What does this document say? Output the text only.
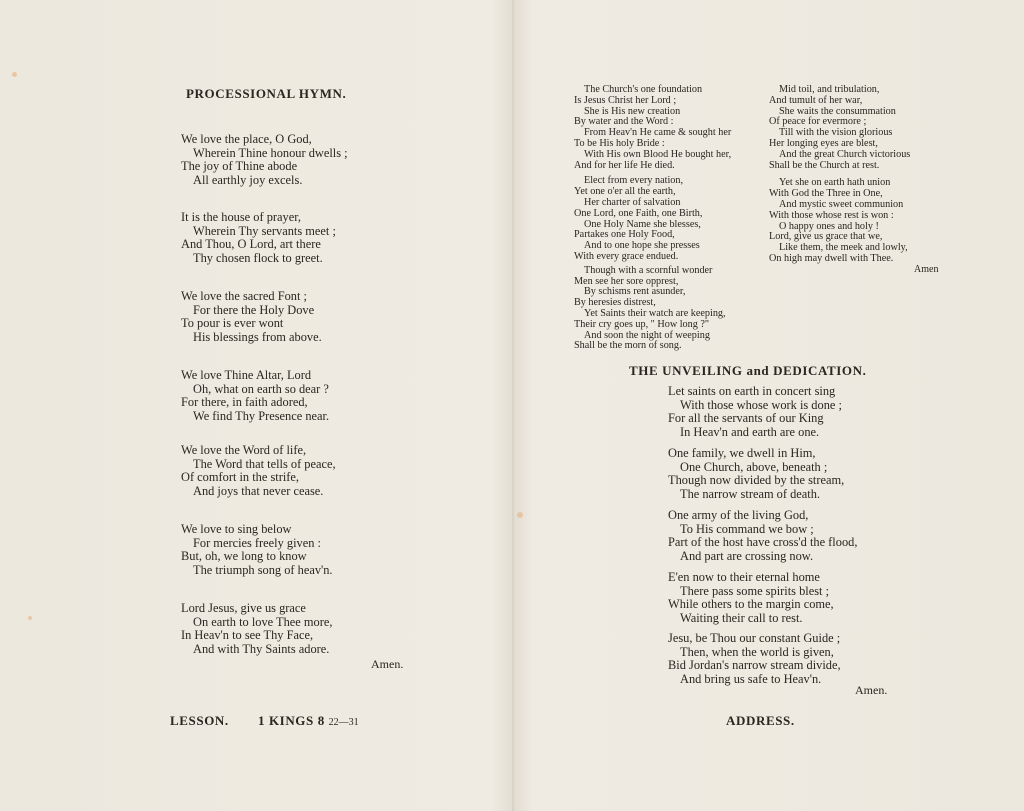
PROCESSIONAL HYMN.
We love the place, O God,
Wherein Thine honour dwells ;
The joy of Thine abode
All earthly joy excels.
It is the house of prayer,
Wherein Thy servants meet ;
And Thou, O Lord, art there
Thy chosen flock to greet.
We love the sacred Font ;
For there the Holy Dove
To pour is ever wont
His blessings from above.
We love Thine Altar, Lord
Oh, what on earth so dear ?
For there, in faith adored,
We find Thy Presence near.
We love the Word of life,
The Word that tells of peace,
Of comfort in the strife,
And joys that never cease.
We love to sing below
For mercies freely given :
But, oh, we long to know
The triumph song of heav'n.
Lord Jesus, give us grace
On earth to love Thee more,
In Heav'n to see Thy Face,
And with Thy Saints adore.
Amen.
LESSON. 1 KINGS 8 22—31
The Church's one foundation
Is Jesus Christ her Lord ;
She is His new creation
By water and the Word :
From Heav'n He came & sought her
To be His holy Bride :
With His own Blood He bought her,
And for her life He died.
Elect from every nation,
Yet one o'er all the earth,
Her charter of salvation
One Lord, one Faith, one Birth,
One Holy Name she blesses,
Partakes one Holy Food,
And to one hope she presses
With every grace endued.
Though with a scornful wonder
Men see her sore opprest,
By schisms rent asunder,
By heresies distrest,
Yet Saints their watch are keeping,
Their cry goes up, " How long ?"
And soon the night of weeping
Shall be the morn of song.
Mid toil, and tribulation,
And tumult of her war,
She waits the consummation
Of peace for evermore ;
Till with the vision glorious
Her longing eyes are blest,
And the great Church victorious
Shall be the Church at rest.
Yet she on earth hath union
With God the Three in One,
And mystic sweet communion
With those whose rest is won :
O happy ones and holy !
Lord, give us grace that we,
Like them, the meek and lowly,
On high may dwell with Thee.
Amen
THE UNVEILING and DEDICATION.
Let saints on earth in concert sing
With those whose work is done ;
For all the servants of our King
In Heav'n and earth are one.
One family, we dwell in Him,
One Church, above, beneath ;
Though now divided by the stream,
The narrow stream of death.
One army of the living God,
To His command we bow ;
Part of the host have cross'd the flood,
And part are crossing now.
E'en now to their eternal home
There pass some spirits blest ;
While others to the margin come,
Waiting their call to rest.
Jesu, be Thou our constant Guide ;
Then, when the world is given,
Bid Jordan's narrow stream divide,
And bring us safe to Heav'n.
Amen.
ADDRESS.
